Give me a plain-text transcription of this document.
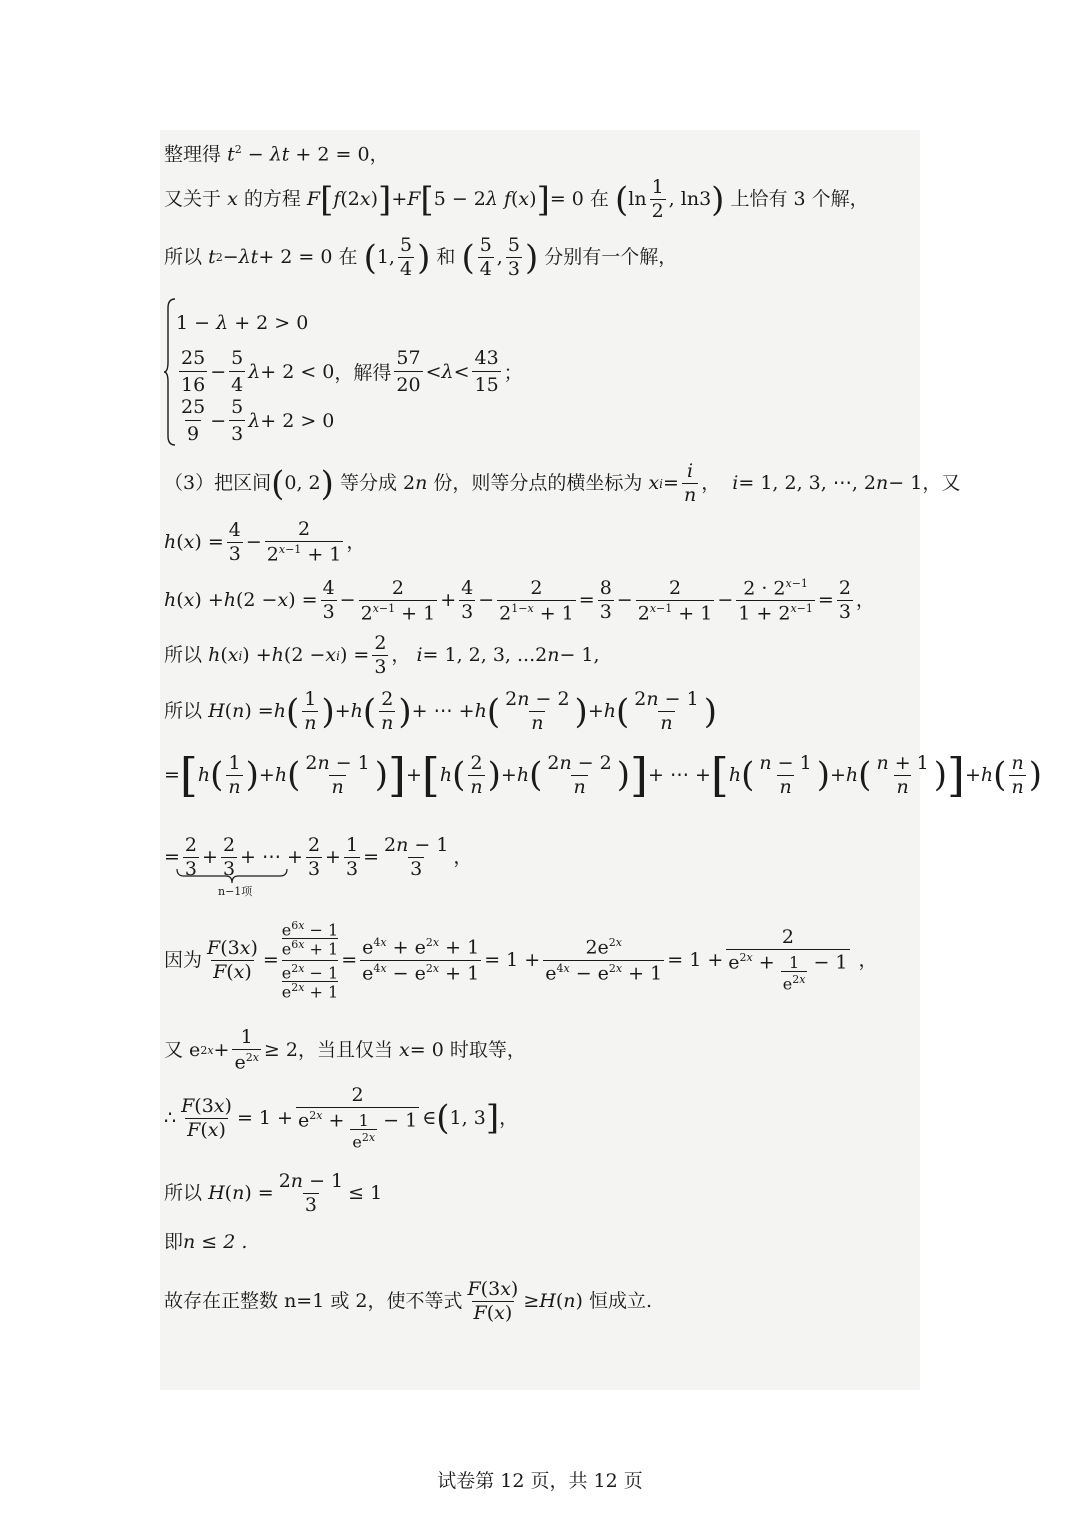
整理得 $t^2 - \lambda t + 2 = 0$，
又关于
x
的方程
F [ f (2 x ) ] + F [ 5 − 2 λ f ( x ) ] = 0 在
( $\ln \frac{1}{2}$ , ln3 )
上恰有 3 个解，
所以
t 2 − λt + 2 = 0 在
( 1, $\frac{5}{4}$ )
和
( $\frac{5}{4}$ , $\frac{5}{3}$ )
分别有一个解，
1 − λ + 2 > 0
$\frac{25}{16} - \frac{5}{4}$ λ + 2 < 0 ，解得 $\frac{57}{20} < \lambda < \frac{43}{15}$ ；
$\frac{25}{9} - \frac{5}{3}$ λ + 2 > 0
（3）把区间 ( 0, 2 )
等分成 2 n
份，则等分点的横坐标为
x $i = \frac{i}{n}$ ，
i = 1, 2, 3, ⋯, 2 n − 1 ，又
h ( x ) = $\frac{4}{3} - \frac{2}{2^{x-1} + 1}$ ，
h ( x ) + h (2 − x ) = $\frac{4}{3} - \frac{2}{2^{x-1} + 1} + \frac{4}{3} - \frac{2}{2^{1-x} + 1} = \frac{8}{3} - \frac{2}{2^{x-1} + 1} - \frac{2 \cdot 2^{x-1}}{1 + 2^{x-1}} = \frac{2}{3}$ ，
所以
h ( x i ) + h (2 − x i ) = $\frac{2}{3}$ ， i = 1, 2, 3, ...2 n − 1,
所以
H ( n ) = h ( $\frac{1}{n}$ ) + h ( $\frac{2}{n}$ ) + ⋯ + h ( $\frac{2n - 2}{n}$ ) + h ( $\frac{2n - 1}{n}$ )
= [ h ( $\frac{1}{n}$ ) + h ( $\frac{2n - 1}{n}$ ) ] + [ h ( $\frac{2}{n}$ ) + h ( $\frac{2n - 2}{n}$ ) ] + ⋯ + [ h ( $\frac{n - 1}{n}$ ) + h ( $\frac{n + 1}{n}$ ) ] + h ( $\frac{n}{n}$ )
= $\frac{2}{3} + \frac{2}{3}$ + ⋯ + $\frac{2}{3} + \frac{1}{3} = \frac{2n - 1}{3}$ ，
n−1项
因为 $\frac{F(3x)}{F(x)}$ =
$e^{6x} - 1$
$e^{6x} + 1$
$e^{2x} - 1$
$e^{2x} + 1$
= $\frac{e^{4x} + e^{2x} + 1}{e^{4x} - e^{2x} + 1} = 1 + \frac{2e^{2x}}{e^{4x} - e^{2x} + 1} = 1 + \frac{2}{e^{2x} + \frac{1}{e^{2x}} - 1}$ ，
又 e $2x + \frac{1}{e^{2x}} \ge 2$ ，当且仅当
x = 0 时取等，
∴ $\frac{F(3x)}{F(x)} = 1 + \frac{2}{e^{2x} + \frac{1}{e^{2x}} - 1}$ ∈ ( 1, 3 ] ，
所以
H ( n ) = $\frac{2n - 1}{3} \le 1$
即n ≤ 2 .
故存在正整数
n=1 或 2，使不等式 $\frac{F(3x)}{F(x)} \ge H$ ( n ) 恒成立.
试卷第 12 页，共 12 页
